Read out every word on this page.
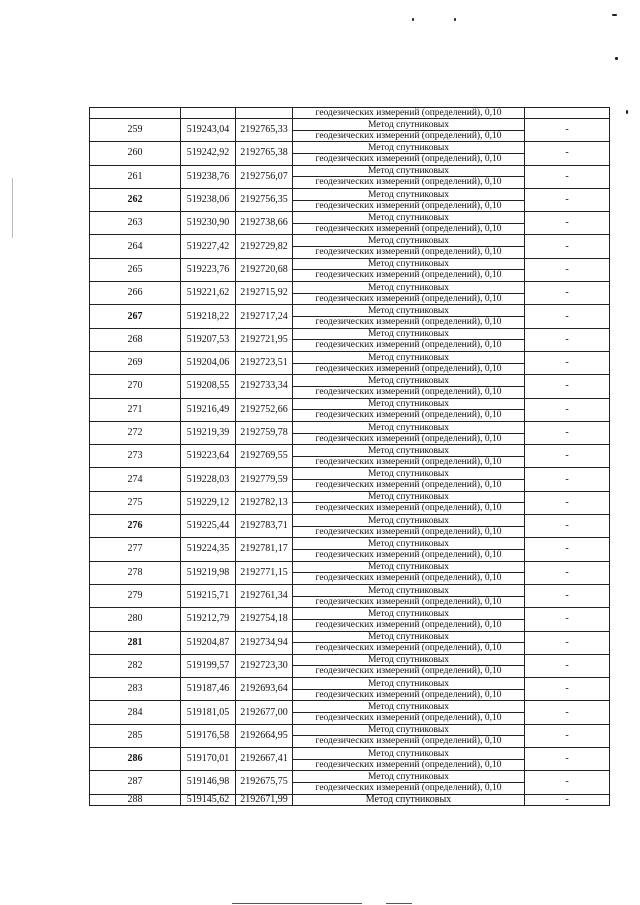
			геодезических измерений (определений), 0,10	

259	519243,04	2192765,33	Метод спутниковых
геодезических измерений (определений), 0,10	-
260	519242,92	2192765,38	Метод спутниковых
геодезических измерений (определений), 0,10	-
261	519238,76	2192756,07	Метод спутниковых
геодезических измерений (определений), 0,10	-
262	519238,06	2192756,35	Метод спутниковых
геодезических измерений (определений), 0,10	-
263	519230,90	2192738,66	Метод спутниковых
геодезических измерений (определений), 0,10	-
264	519227,42	2192729,82	Метод спутниковых
геодезических измерений (определений), 0,10	-
265	519223,76	2192720,68	Метод спутниковых
геодезических измерений (определений), 0,10	-
266	519221,62	2192715,92	Метод спутниковых
геодезических измерений (определений), 0,10	-
267	519218,22	2192717,24	Метод спутниковых
геодезических измерений (определений), 0,10	-
268	519207,53	2192721,95	Метод спутниковых
геодезических измерений (определений), 0,10	-
269	519204,06	2192723,51	Метод спутниковых
геодезических измерений (определений), 0,10	-
270	519208,55	2192733,34	Метод спутниковых
геодезических измерений (определений), 0,10	-
271	519216,49	2192752,66	Метод спутниковых
геодезических измерений (определений), 0,10	-
272	519219,39	2192759,78	Метод спутниковых
геодезических измерений (определений), 0,10	-
273	519223,64	2192769,55	Метод спутниковых
геодезических измерений (определений), 0,10	-
274	519228,03	2192779,59	Метод спутниковых
геодезических измерений (определений), 0,10	-
275	519229,12	2192782,13	Метод спутниковых
геодезических измерений (определений), 0,10	-
276	519225,44	2192783,71	Метод спутниковых
геодезических измерений (определений), 0,10	-
277	519224,35	2192781,17	Метод спутниковых
геодезических измерений (определений), 0,10	-
278	519219,98	2192771,15	Метод спутниковых
геодезических измерений (определений), 0,10	-
279	519215,71	2192761,34	Метод спутниковых
геодезических измерений (определений), 0,10	-
280	519212,79	2192754,18	Метод спутниковых
геодезических измерений (определений), 0,10	-
281	519204,87	2192734,94	Метод спутниковых
геодезических измерений (определений), 0,10	-
282	519199,57	2192723,30	Метод спутниковых
геодезических измерений (определений), 0,10	-
283	519187,46	2192693,64	Метод спутниковых
геодезических измерений (определений), 0,10	-
284	519181,05	2192677,00	Метод спутниковых
геодезических измерений (определений), 0,10	-
285	519176,58	2192664,95	Метод спутниковых
геодезических измерений (определений), 0,10	-
286	519170,01	2192667,41	Метод спутниковых
геодезических измерений (определений), 0,10	-
287	519146,98	2192675,75	Метод спутниковых
геодезических измерений (определений), 0,10	-
288	519145,62	2192671,99	Метод спутниковых	-
